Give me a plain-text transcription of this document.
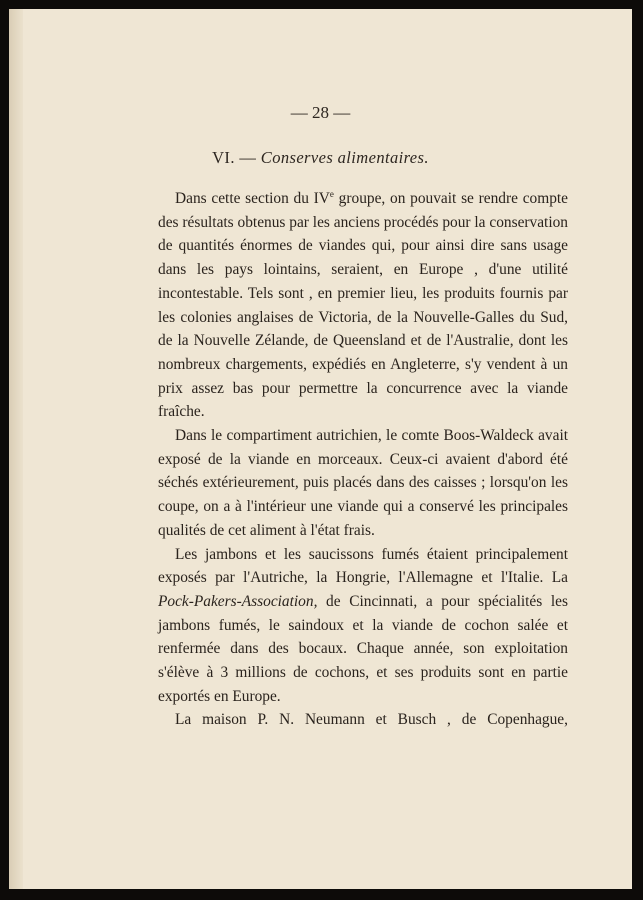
— 28 —
VI. — Conserves alimentaires.

Dans cette section du IVe groupe, on pouvait se rendre compte des résultats obtenus par les anciens procédés pour la conservation de quantités énormes de viandes qui, pour ainsi dire sans usage dans les pays lointains, seraient, en Europe , d'une utilité incontestable. Tels sont , en premier lieu, les produits fournis par les colonies anglaises de Victoria, de la Nouvelle-Galles du Sud, de la Nouvelle Zélande, de Queensland et de l'Australie, dont les nombreux chargements, expédiés en Angleterre, s'y vendent à un prix assez bas pour permettre la concurrence avec la viande fraîche.

Dans le compartiment autrichien, le comte Boos-Waldeck avait exposé de la viande en morceaux. Ceux-ci avaient d'abord été séchés extérieurement, puis placés dans des caisses ; lorsqu'on les coupe, on a à l'intérieur une viande qui a conservé les principales qualités de cet aliment à l'état frais.

Les jambons et les saucissons fumés étaient principalement exposés par l'Autriche, la Hongrie, l'Allemagne et l'Italie. La Pock-Pakers-Association, de Cincinnati, a pour spécialités les jambons fumés, le saindoux et la viande de cochon salée et renfermée dans des bocaux. Chaque année, son exploitation s'élève à 3 millions de cochons, et ses produits sont en partie exportés en Europe.

La maison P. N. Neumann et Busch , de Copenhague,
